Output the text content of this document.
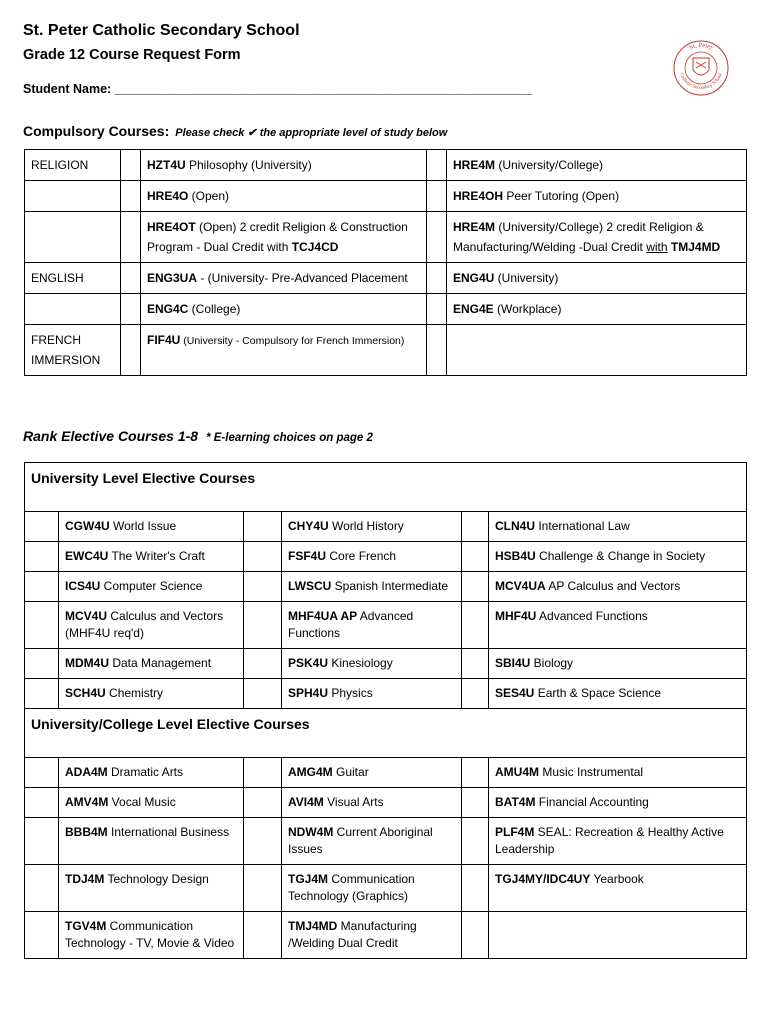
St. Peter Catholic Secondary School
Grade 12 Course Request Form
Student Name: ____________________________________________________________
St. Peter
Catholic Secondary School
Compulsory Courses: Please check ✔ the appropriate level of study below
RELIGION		HZT4U Philosophy (University)		HRE4M (University/College)
		HRE4O (Open)		HRE4OH Peer Tutoring (Open)
		HRE4OT (Open) 2 credit Religion & Construction Program - Dual Credit with TCJ4CD		HRE4M (University/College) 2 credit Religion & Manufacturing/Welding -Dual Credit with TMJ4MD
ENGLISH		ENG3UA - (University- Pre-Advanced Placement		ENG4U (University)
		ENG4C (College)		ENG4E (Workplace)
FRENCH IMMERSION		FIF4U (University - Compulsory for French Immersion)		
Rank Elective Courses 1-8 * E-learning choices on page 2
University Level Elective Courses					
	CGW4U World Issue		CHY4U World History		CLN4U International Law
	EWC4U The Writer's Craft		FSF4U Core French		HSB4U Challenge & Change in Society
	ICS4U Computer Science		LWSCU Spanish Intermediate		MCV4UA AP Calculus and Vectors
	MCV4U Calculus and Vectors (MHF4U req'd)		MHF4UA AP Advanced Functions		MHF4U Advanced Functions
	MDM4U Data Management		PSK4U Kinesiology		SBI4U Biology
	SCH4U Chemistry		SPH4U Physics		SES4U Earth & Space Science
University/College Level Elective Courses					
	ADA4M Dramatic Arts		AMG4M Guitar		AMU4M Music Instrumental
	AMV4M Vocal Music		AVI4M Visual Arts		BAT4M Financial Accounting
	BBB4M International Business		NDW4M Current Aboriginal Issues		PLF4M SEAL: Recreation & Healthy Active Leadership
	TDJ4M Technology Design		TGJ4M Communication Technology (Graphics)		TGJ4MY/IDC4UY Yearbook
	TGV4M Communication Technology - TV, Movie & Video		TMJ4MD Manufacturing /Welding Dual Credit		
